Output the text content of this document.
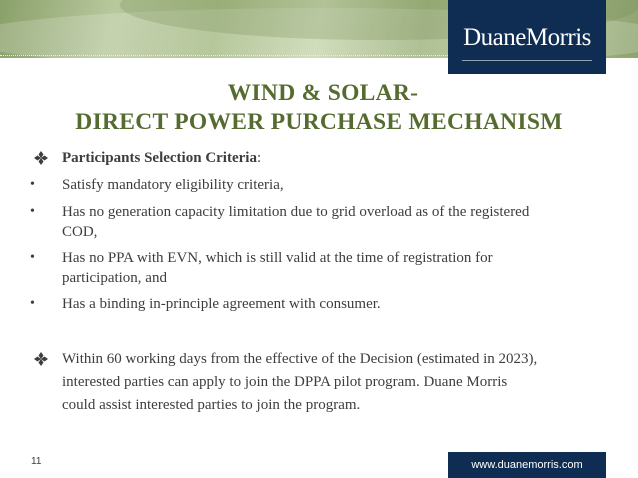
DuaneMorris
WIND & SOLAR-
DIRECT POWER PURCHASE MECHANISM
Participants Selection Criteria:
• Satisfy mandatory eligibility criteria,
• Has no generation capacity limitation due to grid overload as of the registered
COD,
• Has no PPA with EVN, which is still valid at the time of registration for
participation, and
• Has a binding in-principle agreement with consumer.
Within 60 working days from the effective of the Decision (estimated in 2023),
interested parties can apply to join the DPPA pilot program. Duane Morris
could assist interested parties to join the program.
11	www.duanemorris.com
